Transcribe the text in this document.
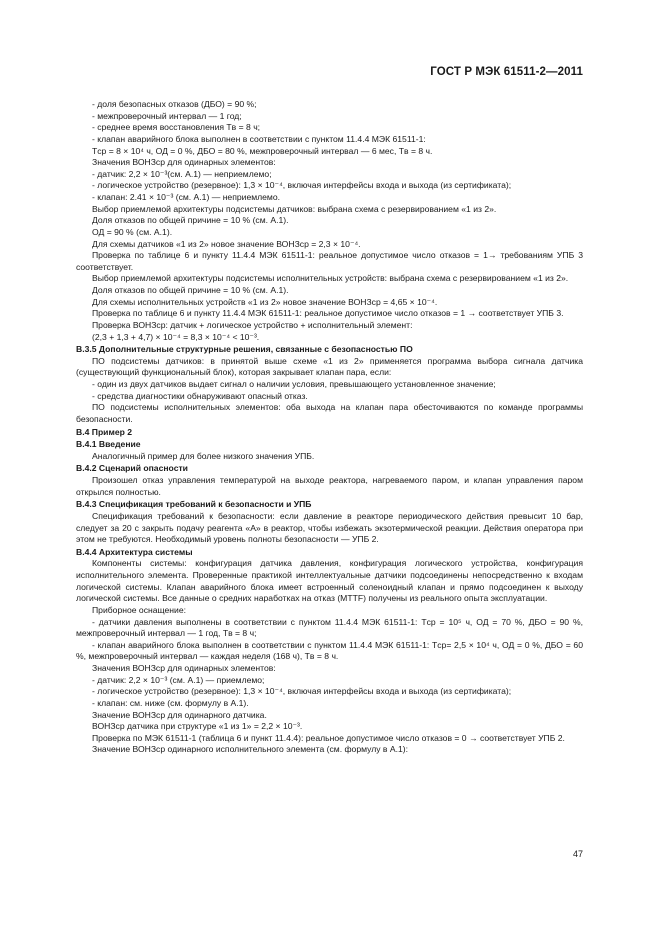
ГОСТ Р МЭК 61511-2—2011

- доля безопасных отказов (ДБО) = 90 %;

- межпроверочный интервал — 1 год;

- среднее время восстановления Tв = 8 ч;

- клапан аварийного блока выполнен в соответствии с пунктом 11.4.4 МЭК 61511-1:

Tср = 8 × 10⁴ ч, ОД = 0 %, ДБО = 80 %, межпроверочный интервал — 6 мес, Tв = 8 ч.

Значения ВОНЗср для одинарных элементов:

- датчик: 2,2 × 10⁻³(см. А.1) — неприемлемо;

- логическое устройство (резервное): 1,3 × 10⁻⁴, включая интерфейсы входа и выхода (из сертификата);

- клапан: 2.41 × 10⁻³ (см. А.1) — неприемлемо.

Выбор приемлемой архитектуры подсистемы датчиков: выбрана схема с резервированием «1 из 2».

Доля отказов по общей причине = 10 % (см. А.1).

ОД = 90 % (см. А.1).

Для схемы датчиков «1 из 2» новое значение ВОНЗср = 2,3 × 10⁻⁴.

Проверка по таблице 6 и пункту 11.4.4 МЭК 61511-1: реальное допустимое число отказов = 1→ требованиям УПБ 3 соответствует.

Выбор приемлемой архитектуры подсистемы исполнительных устройств: выбрана схема с резервированием «1 из 2».

Доля отказов по общей причине = 10 % (см. А.1).

Для схемы исполнительных устройств «1 из 2» новое значение ВОНЗср = 4,65 × 10⁻⁴.

Проверка по таблице 6 и пункту 11.4.4 МЭК 61511-1: реальное допустимое число отказов = 1 → соответствует УПБ 3.

Проверка ВОНЗср: датчик + логическое устройство + исполнительный элемент:

(2,3 + 1,3 + 4,7) × 10⁻⁴ = 8,3 × 10⁻⁴ < 10⁻³.

В.3.5 Дополнительные структурные решения, связанные с безопасностью ПО

ПО подсистемы датчиков: в принятой выше схеме «1 из 2» применяется программа выбора сигнала датчика (существующий функциональный блок), которая закрывает клапан пара, если:

- один из двух датчиков выдает сигнал о наличии условия, превышающего установленное значение;

- средства диагностики обнаруживают опасный отказ.

ПО подсистемы исполнительных элементов: оба выхода на клапан пара обесточиваются по команде программы безопасности.

В.4 Пример 2

В.4.1 Введение

Аналогичный пример для более низкого значения УПБ.

В.4.2 Сценарий опасности

Произошел отказ управления температурой на выходе реактора, нагреваемого паром, и клапан управления паром открылся полностью.

В.4.3 Спецификация требований к безопасности и УПБ

Спецификация требований к безопасности: если давление в реакторе периодического действия превысит 10 бар, следует за 20 с закрыть подачу реагента «А» в реактор, чтобы избежать экзотермической реакции. Действия оператора при этом не требуются. Необходимый уровень полноты безопасности — УПБ 2.

В.4.4 Архитектура системы

Компоненты системы: конфигурация датчика давления, конфигурация логического устройства, конфигурация исполнительного элемента. Проверенные практикой интеллектуальные датчики подсоединены непосредственно к входам логической системы. Клапан аварийного блока имеет встроенный соленоидный клапан и прямо подсоединен к выходу логической системы. Все данные о средних наработках на отказ (MTTF) получены из реального опыта эксплуатации.

Приборное оснащение:

- датчики давления выполнены в соответствии с пунктом 11.4.4 МЭК 61511-1: Tср = 10⁵ ч, ОД = 70 %, ДБО = 90 %, межпроверочный интервал — 1 год, Tв = 8 ч;

- клапан аварийного блока выполнен в соответствии с пунктом 11.4.4 МЭК 61511-1: Tср= 2,5 × 10⁴ ч, ОД = 0 %, ДБО = 60 %, межпроверочный интервал — каждая неделя (168 ч), Tв = 8 ч.

Значения ВОНЗср для одинарных элементов:

- датчик: 2,2 × 10⁻³ (см. А.1) — приемлемо;

- логическое устройство (резервное): 1,3 × 10⁻⁴, включая интерфейсы входа и выхода (из сертификата);

- клапан: см. ниже (см. формулу в А.1).

Значение ВОНЗср для одинарного датчика.

ВОНЗср датчика при структуре «1 из 1» = 2,2 × 10⁻³.

Проверка по МЭК 61511-1 (таблица 6 и пункт 11.4.4): реальное допустимое число отказов = 0 → соответствует УПБ 2.

Значение ВОНЗср одинарного исполнительного элемента (см. формулу в А.1):

47
